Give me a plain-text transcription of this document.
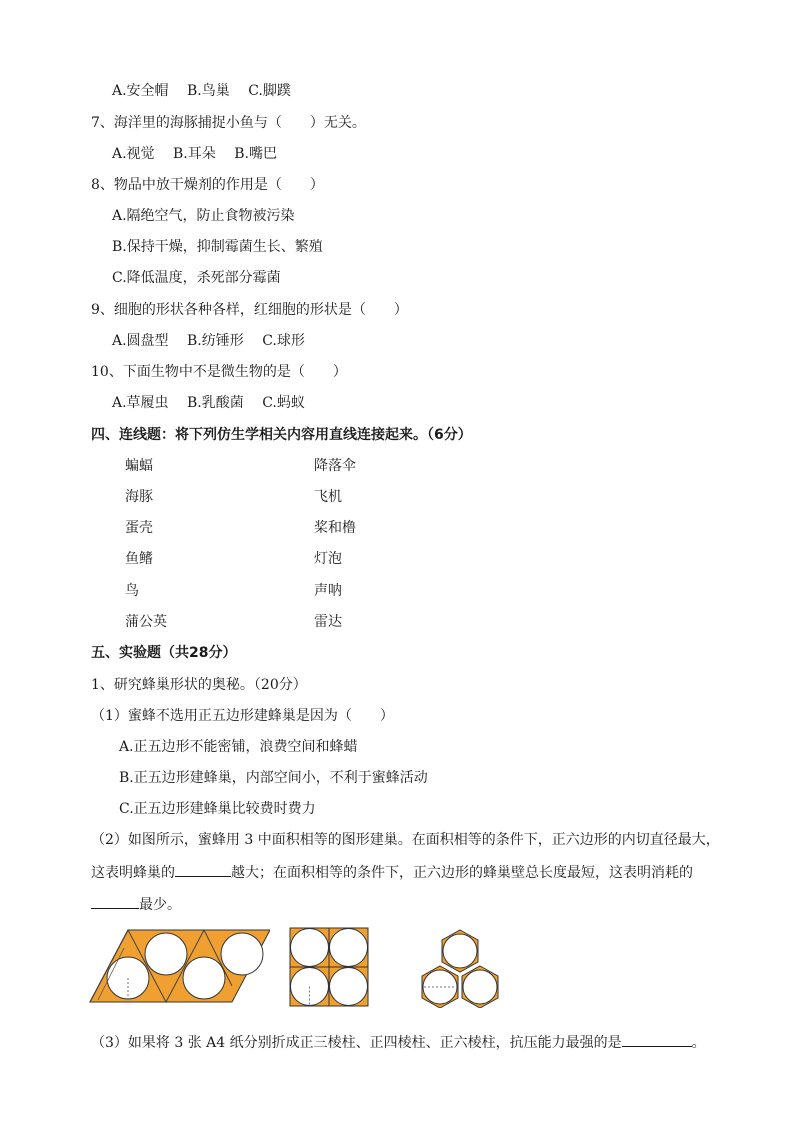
A.安全帽 B.鸟巢 C.脚蹼
7、海洋里的海豚捕捉小鱼与（　　）无关。
A.视觉 B.耳朵 B.嘴巴
8、物品中放干燥剂的作用是（　　）
A.隔绝空气，防止食物被污染
B.保持干燥，抑制霉菌生长、繁殖
C.降低温度，杀死部分霉菌
9、细胞的形状各种各样，红细胞的形状是（　　）
A.圆盘型 B.纺锤形 C.球形
10、下面生物中不是微生物的是（　　）
A.草履虫 B.乳酸菌 C.蚂蚁
四、连线题：将下列仿生学相关内容用直线连接起来。（6分）
蝙蝠	降落伞
海豚	飞机
蛋壳	桨和橹
鱼鳍	灯泡
鸟	声呐
蒲公英	雷达
五、实验题（共28分）
1、研究蜂巢形状的奥秘。（20分）
（1）蜜蜂不选用正五边形建蜂巢是因为（　　）
A.正五边形不能密铺，浪费空间和蜂蜡
B.正五边形建蜂巢，内部空间小，不利于蜜蜂活动
C.正五边形建蜂巢比较费时费力
（2）如图所示，蜜蜂用 3 中面积相等的图形建巢。在面积相等的条件下，正六边形的内切直径最大，
这表明蜂巢的	越大；在面积相等的条件下，正六边形的蜂巢壁总长度最短，这表明消耗的
最少。
（3）如果将 3 张 A4 纸分别折成正三棱柱、正四棱柱、正六棱柱，抗压能力最强的是	。
